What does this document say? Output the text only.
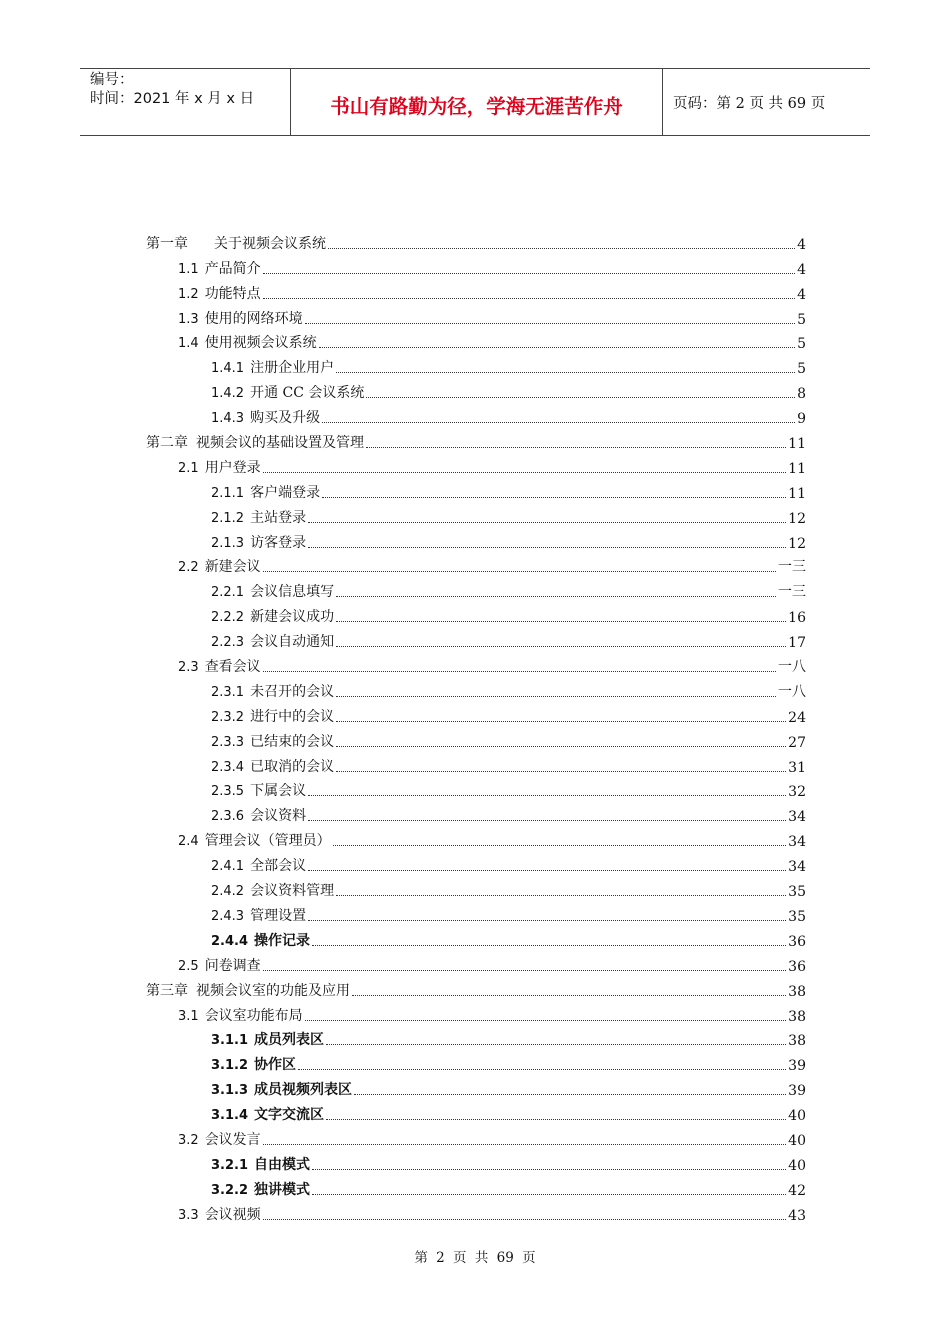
编号：
时间：2021 年 x 月 x 日	书山有路勤为径，学海无涯苦作舟	页码：第 2 页 共 69 页
第一章 关于视频会议系统	4
1.1 产品简介	4
1.2 功能特点	4
1.3 使用的网络环境	5
1.4 使用视频会议系统	5
1.4.1 注册企业用户	5
1.4.2 开通 CC 会议系统	8
1.4.3 购买及升级	9
第二章 视频会议的基础设置及管理	11
2.1 用户登录	11
2.1.1 客户端登录	11
2.1.2 主站登录	12
2.1.3 访客登录	12
2.2 新建会议	一三
2.2.1 会议信息填写	一三
2.2.2 新建会议成功	16
2.2.3 会议自动通知	17
2.3 查看会议	一八
2.3.1 未召开的会议	一八
2.3.2 进行中的会议	24
2.3.3 已结束的会议	27
2.3.4 已取消的会议	31
2.3.5 下属会议	32
2.3.6 会议资料	34
2.4 管理会议（管理员）	34
2.4.1 全部会议	34
2.4.2 会议资料管理	35
2.4.3 管理设置	35
2.4.4 操作记录	36
2.5 问卷调查	36
第三章 视频会议室的功能及应用	38
3.1 会议室功能布局	38
3.1.1 成员列表区	38
3.1.2 协作区	39
3.1.3 成员视频列表区	39
3.1.4 文字交流区	40
3.2 会议发言	40
3.2.1 自由模式	40
3.2.2 独讲模式	42
3.3 会议视频	43
第 2 页 共 69 页
